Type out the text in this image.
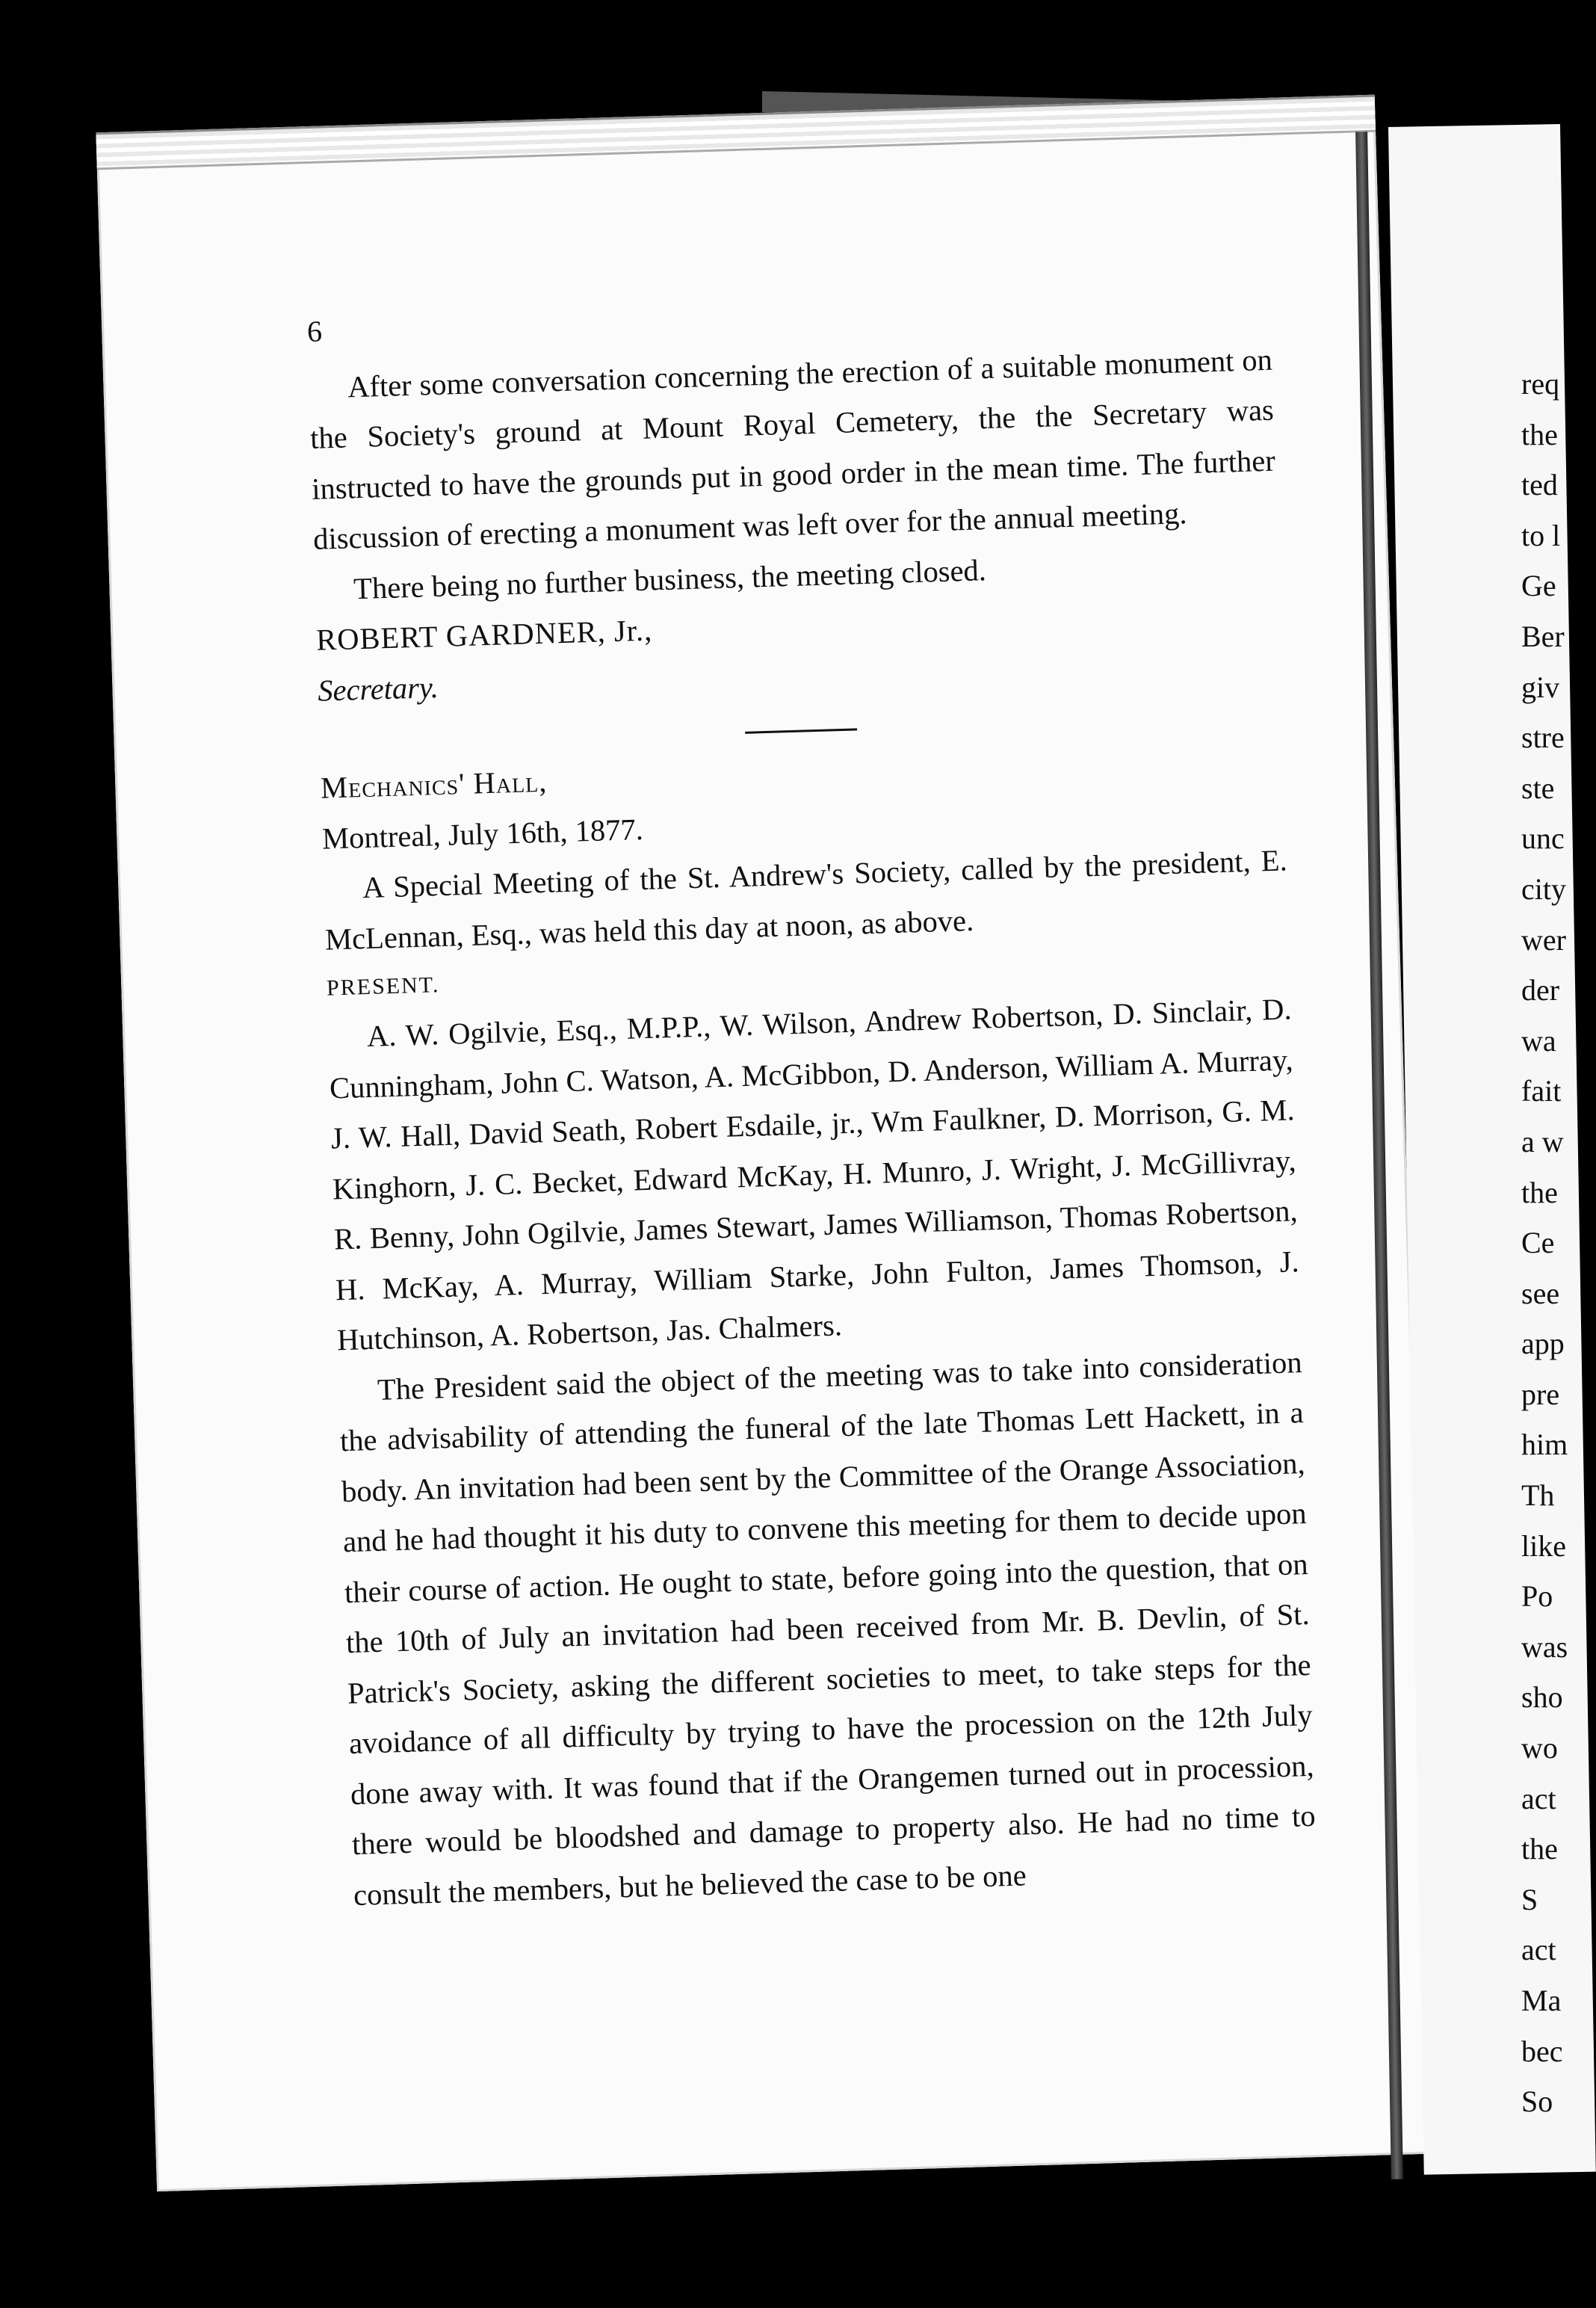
6

After some conversation concerning the erection of a suitable monument on the Society's ground at Mount Royal Cemetery, the the Secretary was instructed to have the grounds put in good order in the mean time. The further discussion of erecting a monument was left over for the annual meeting.

There being no further business, the meeting closed.

ROBERT GARDNER, Jr.,

Secretary.

Mechanics' Hall,

Montreal, July 16th, 1877.

A Special Meeting of the St. Andrew's Society, called by the president, E. McLennan, Esq., was held this day at noon, as above.

PRESENT.

A. W. Ogilvie, Esq., M.P.P., W. Wilson, Andrew Robertson, D. Sinclair, D. Cunningham, John C. Watson, A. McGibbon, D. Anderson, William A. Murray, J. W. Hall, David Seath, Robert Esdaile, jr., Wm Faulkner, D. Morrison, G. M. Kinghorn, J. C. Becket, Edward McKay, H. Munro, J. Wright, J. McGillivray, R. Benny, John Ogilvie, James Stewart, James Williamson, Thomas Robertson, H. McKay, A. Murray, William Starke, John Fulton, James Thomson, J. Hutchinson, A. Robertson, Jas. Chalmers.

The President said the object of the meeting was to take into consideration the advisability of attending the funeral of the late Thomas Lett Hackett, in a body. An invitation had been sent by the Committee of the Orange Association, and he had thought it his duty to convene this meeting for them to decide upon their course of action. He ought to state, before going into the question, that on the 10th of July an invitation had been received from Mr. B. Devlin, of St. Patrick's Society, asking the different societies to meet, to take steps for the avoidance of all difficulty by trying to have the procession on the 12th July done away with. It was found that if the Orangemen turned out in procession, there would be bloodshed and damage to property also. He had no time to consult the members, but he believed the case to be one

req
the
ted
to l
Ge
Ber
giv
stre
ste
unc
city
wer
der
wa
fait
a w
the
Ce
see
app
pre
him
Th
like
Po
was
sho
wo
act
the
S
act
Ma
bec
So
